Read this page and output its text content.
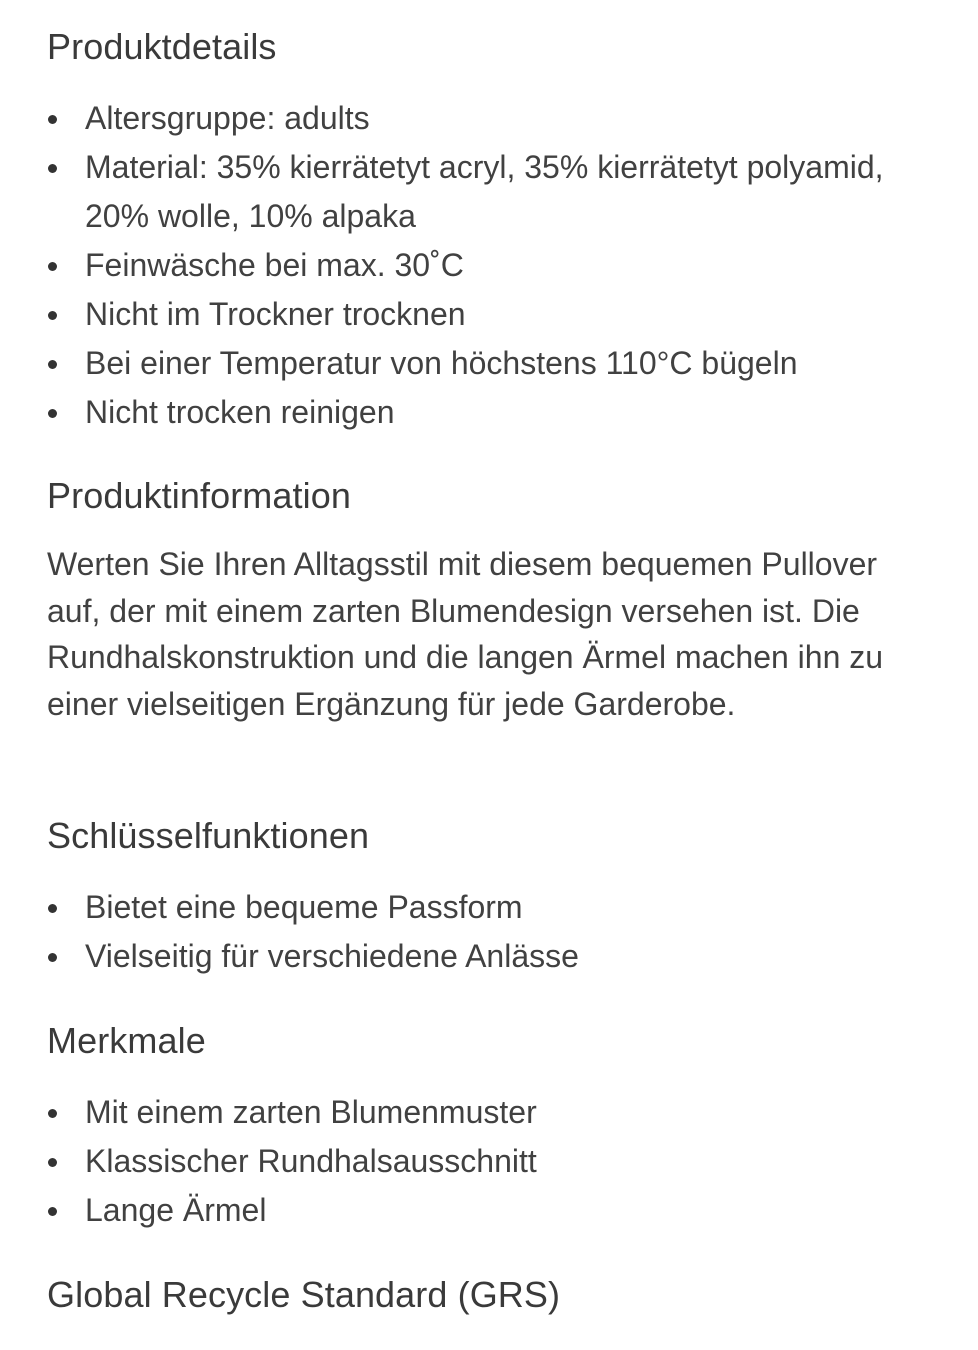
Produktdetails
Altersgruppe: adults
Material: 35% kierrätetyt acryl, 35% kierrätetyt polyamid, 20% wolle, 10% alpaka
Feinwäsche bei max. 30˚C
Nicht im Trockner trocknen
Bei einer Temperatur von höchstens 110°C bügeln
Nicht trocken reinigen
Produktinformation

Werten Sie Ihren Alltagsstil mit diesem bequemen Pullover auf, der mit einem zarten Blumendesign versehen ist. Die Rundhalskonstruktion und die langen Ärmel machen ihn zu einer vielseitigen Ergänzung für jede Garderobe.

Schlüsselfunktionen
Bietet eine bequeme Passform
Vielseitig für verschiedene Anlässe
Merkmale
Mit einem zarten Blumenmuster
Klassischer Rundhalsausschnitt
Lange Ärmel
Global Recycle Standard (GRS)
